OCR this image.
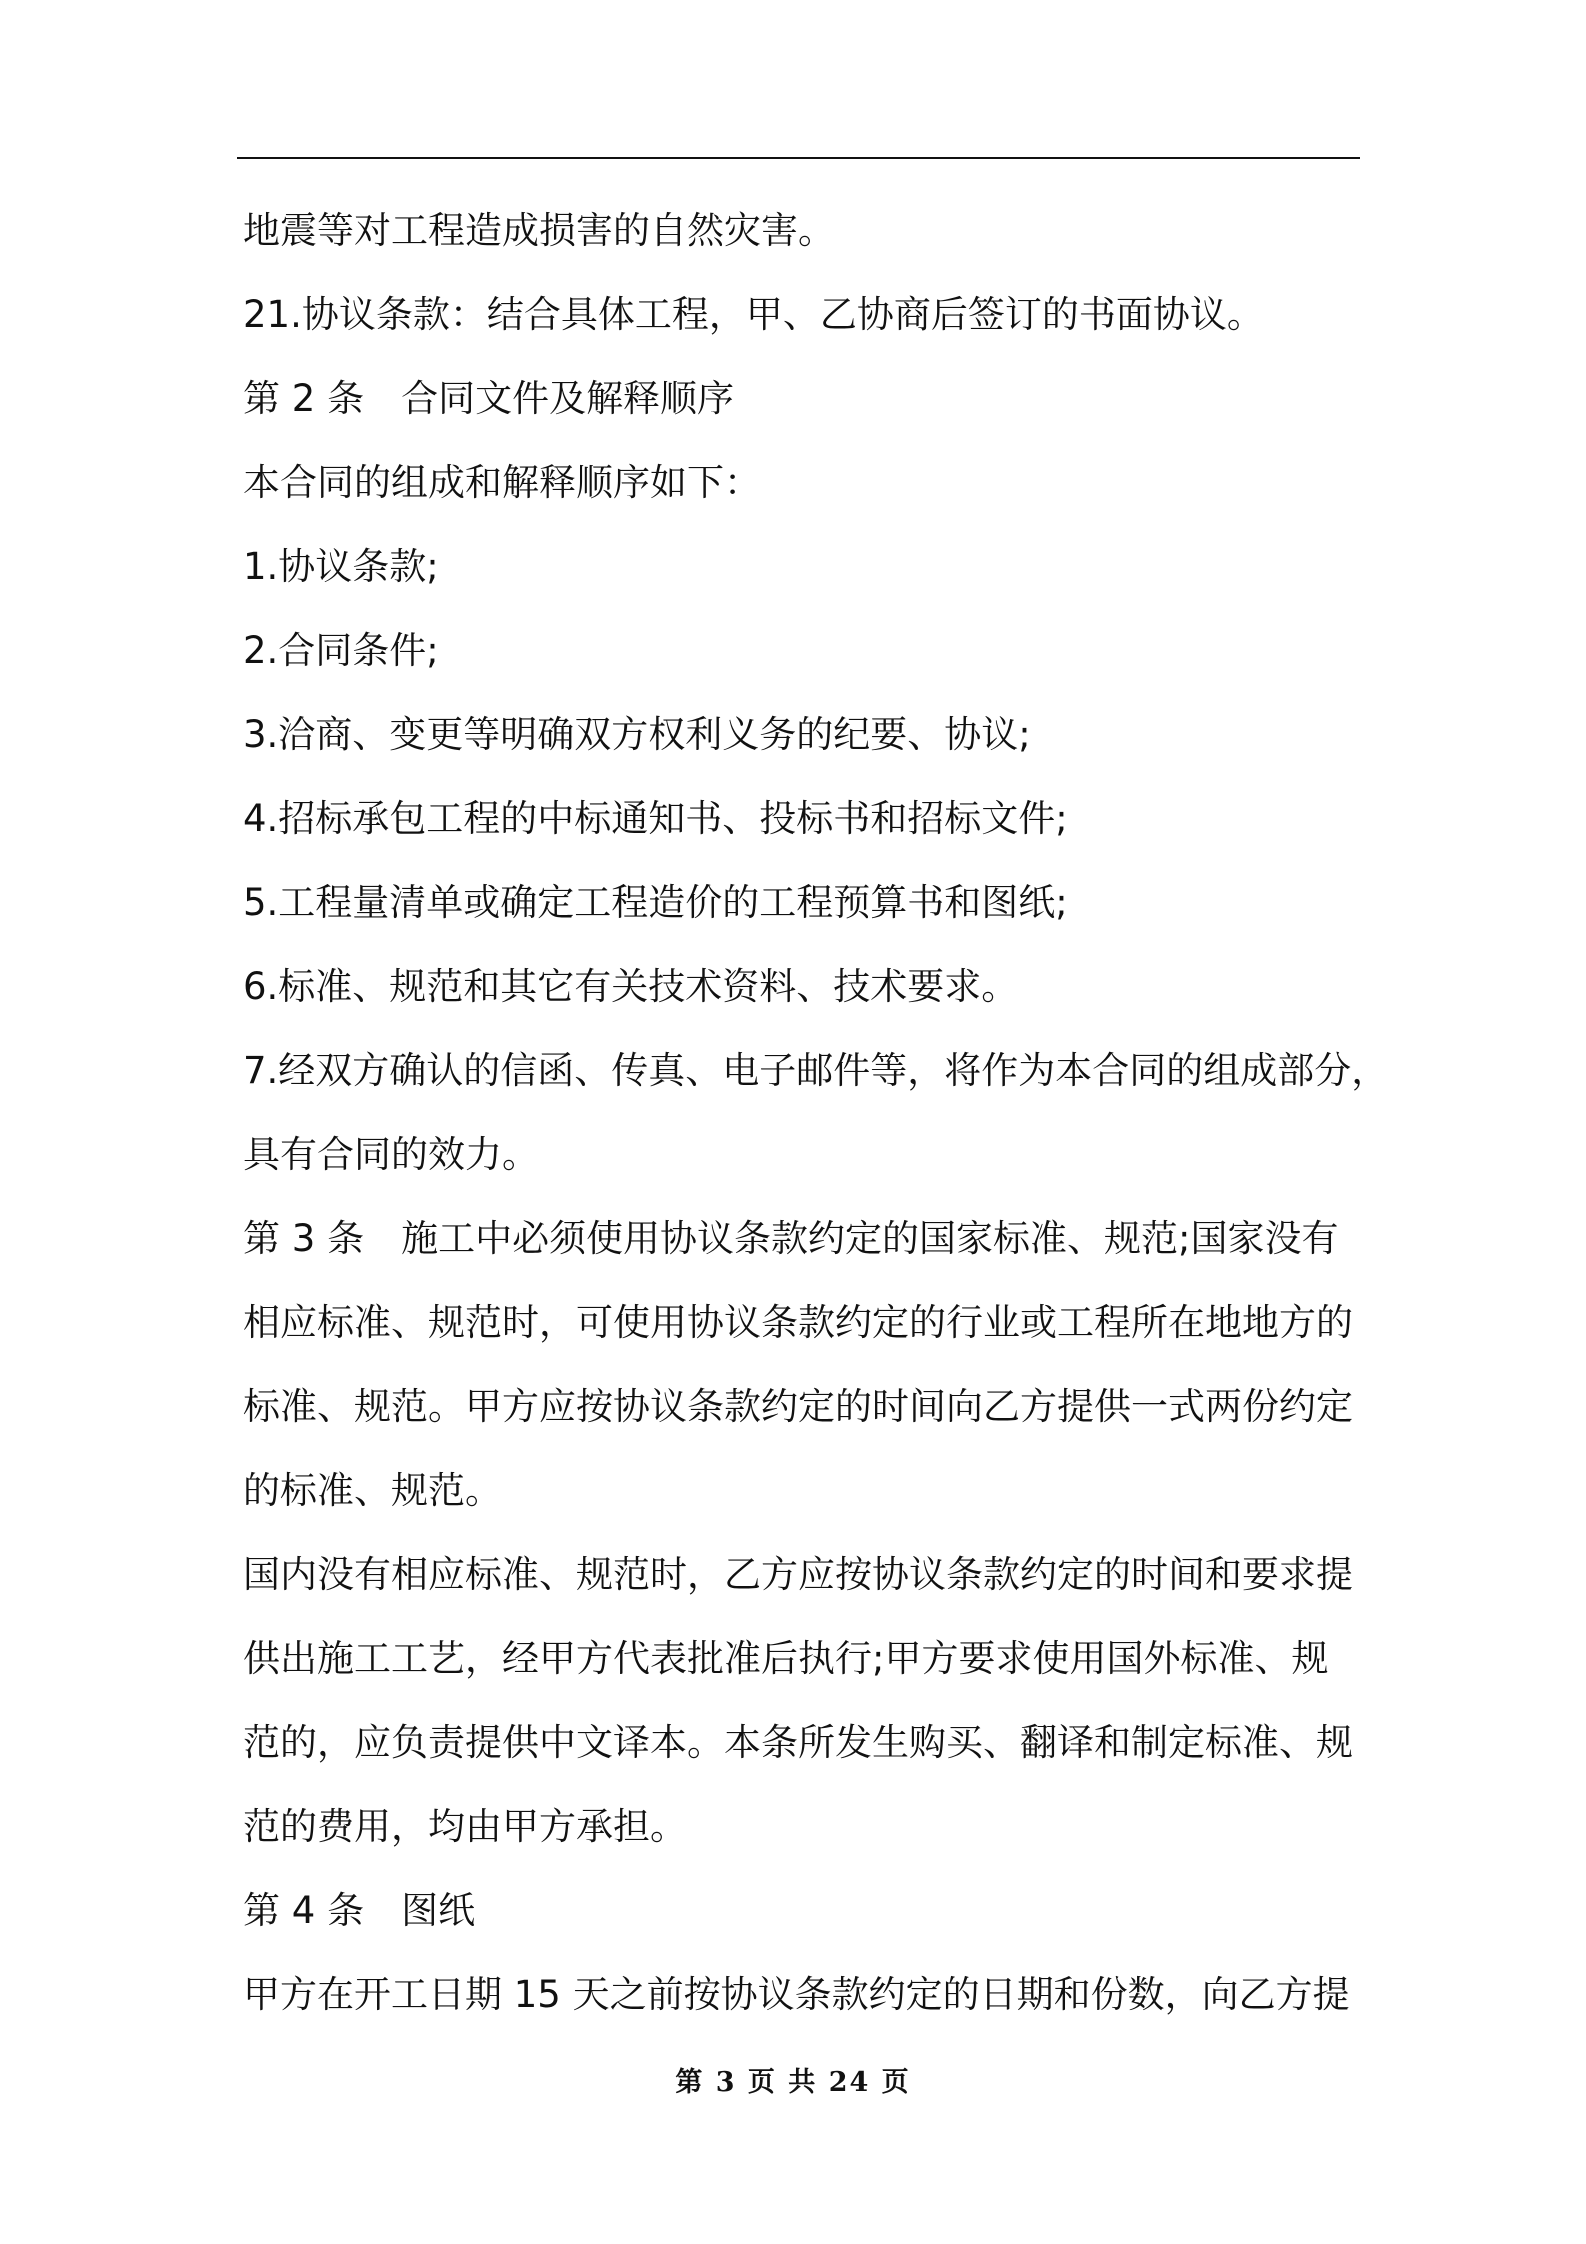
地震等对工程造成损害的自然灾害。
21.协议条款：结合具体工程，甲、乙协商后签订的书面协议。
第 2 条　合同文件及解释顺序
本合同的组成和解释顺序如下：
1.协议条款;
2.合同条件;
3.洽商、变更等明确双方权利义务的纪要、协议;
4.招标承包工程的中标通知书、投标书和招标文件;
5.工程量清单或确定工程造价的工程预算书和图纸;
6.标准、规范和其它有关技术资料、技术要求。
7.经双方确认的信函、传真、电子邮件等，将作为本合同的组成部分，
具有合同的效力。
第 3 条　施工中必须使用协议条款约定的国家标准、规范;国家没有
相应标准、规范时，可使用协议条款约定的行业或工程所在地地方的
标准、规范。甲方应按协议条款约定的时间向乙方提供一式两份约定
的标准、规范。
国内没有相应标准、规范时，乙方应按协议条款约定的时间和要求提
供出施工工艺，经甲方代表批准后执行;甲方要求使用国外标准、规
范的，应负责提供中文译本。本条所发生购买、翻译和制定标准、规
范的费用，均由甲方承担。
第 4 条　图纸
甲方在开工日期 15 天之前按协议条款约定的日期和份数，向乙方提
第 3 页 共 24 页
